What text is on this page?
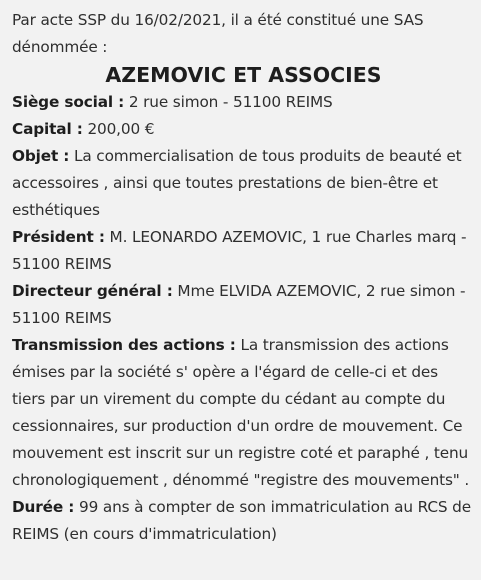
Par acte SSP du 16/02/2021, il a été constitué une SAS dénommée :

AZEMOVIC ET ASSOCIES

Siège social : 2 rue simon - 51100 REIMS

Capital : 200,00 €

Objet : La commercialisation de tous produits de beauté et accessoires , ainsi que toutes prestations de bien-être et esthétiques

Président : M. LEONARDO AZEMOVIC, 1 rue Charles marq - 51100 REIMS

Directeur général : Mme ELVIDA AZEMOVIC, 2 rue simon - 51100 REIMS

Transmission des actions : La transmission des actions émises par la société s' opère a l'égard de celle-ci et des tiers par un virement du compte du cédant au compte du cessionnaires, sur production d'un ordre de mouvement. Ce mouvement est inscrit sur un registre coté et paraphé , tenu chronologiquement , dénommé "registre des mouvements" .

Durée : 99 ans à compter de son immatriculation au RCS de REIMS (en cours d'immatriculation)
